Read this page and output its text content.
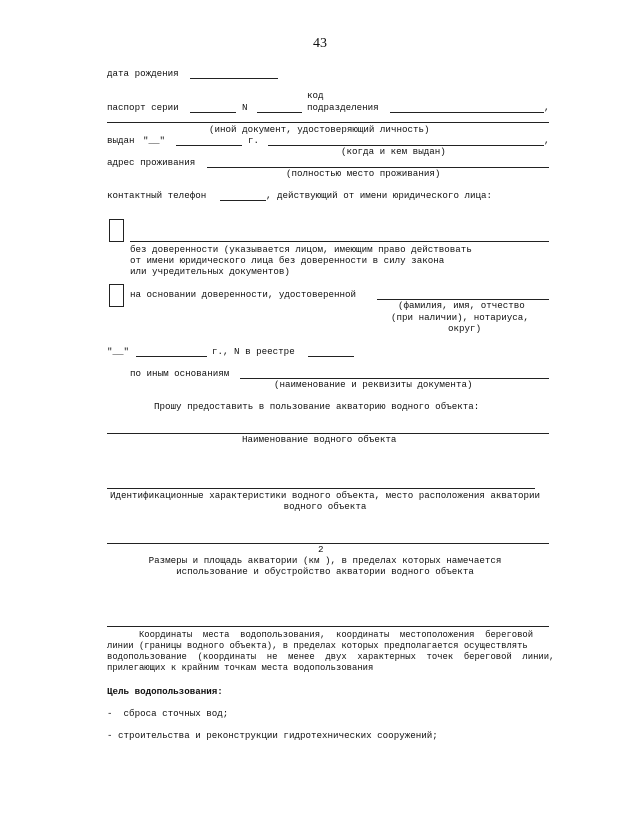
43
дата рождения
код
паспорт серии	N	подразделения	,
(иной документ, удостоверяющий личность)
выдан "__"	г.	,
(когда и кем выдан)
адрес проживания
(полностью место проживания)
контактный телефон	, действующий от имени юридического лица:
без доверенности (указывается лицом, имеющим право действовать
от имени юридического лица без доверенности в силу закона
или учредительных документов)
на основании доверенности, удостоверенной
(фамилия, имя, отчество
(при наличии), нотариуса,
округ)
"__"	г., N в реестре
по иным основаниям
(наименование и реквизиты документа)
Прошу предоставить в пользование акваторию водного объекта:
Наименование водного объекта
Идентификационные характеристики водного объекта, место расположения акватории
водного объекта
2
Размеры и площадь акватории (км ), в пределах которых намечается
использование и обустройство акватории водного объекта
Координаты  места  водопользования,  координаты  местоположения  береговой
линии (границы водного объекта), в пределах которых предполагается осуществлять
водопользование  (координаты  не  менее  двух  характерных  точек  береговой  линии,
прилегающих к крайним точкам места водопользования
Цель водопользования:
-  сброса сточных вод;
- строительства и реконструкции гидротехнических сооружений;
